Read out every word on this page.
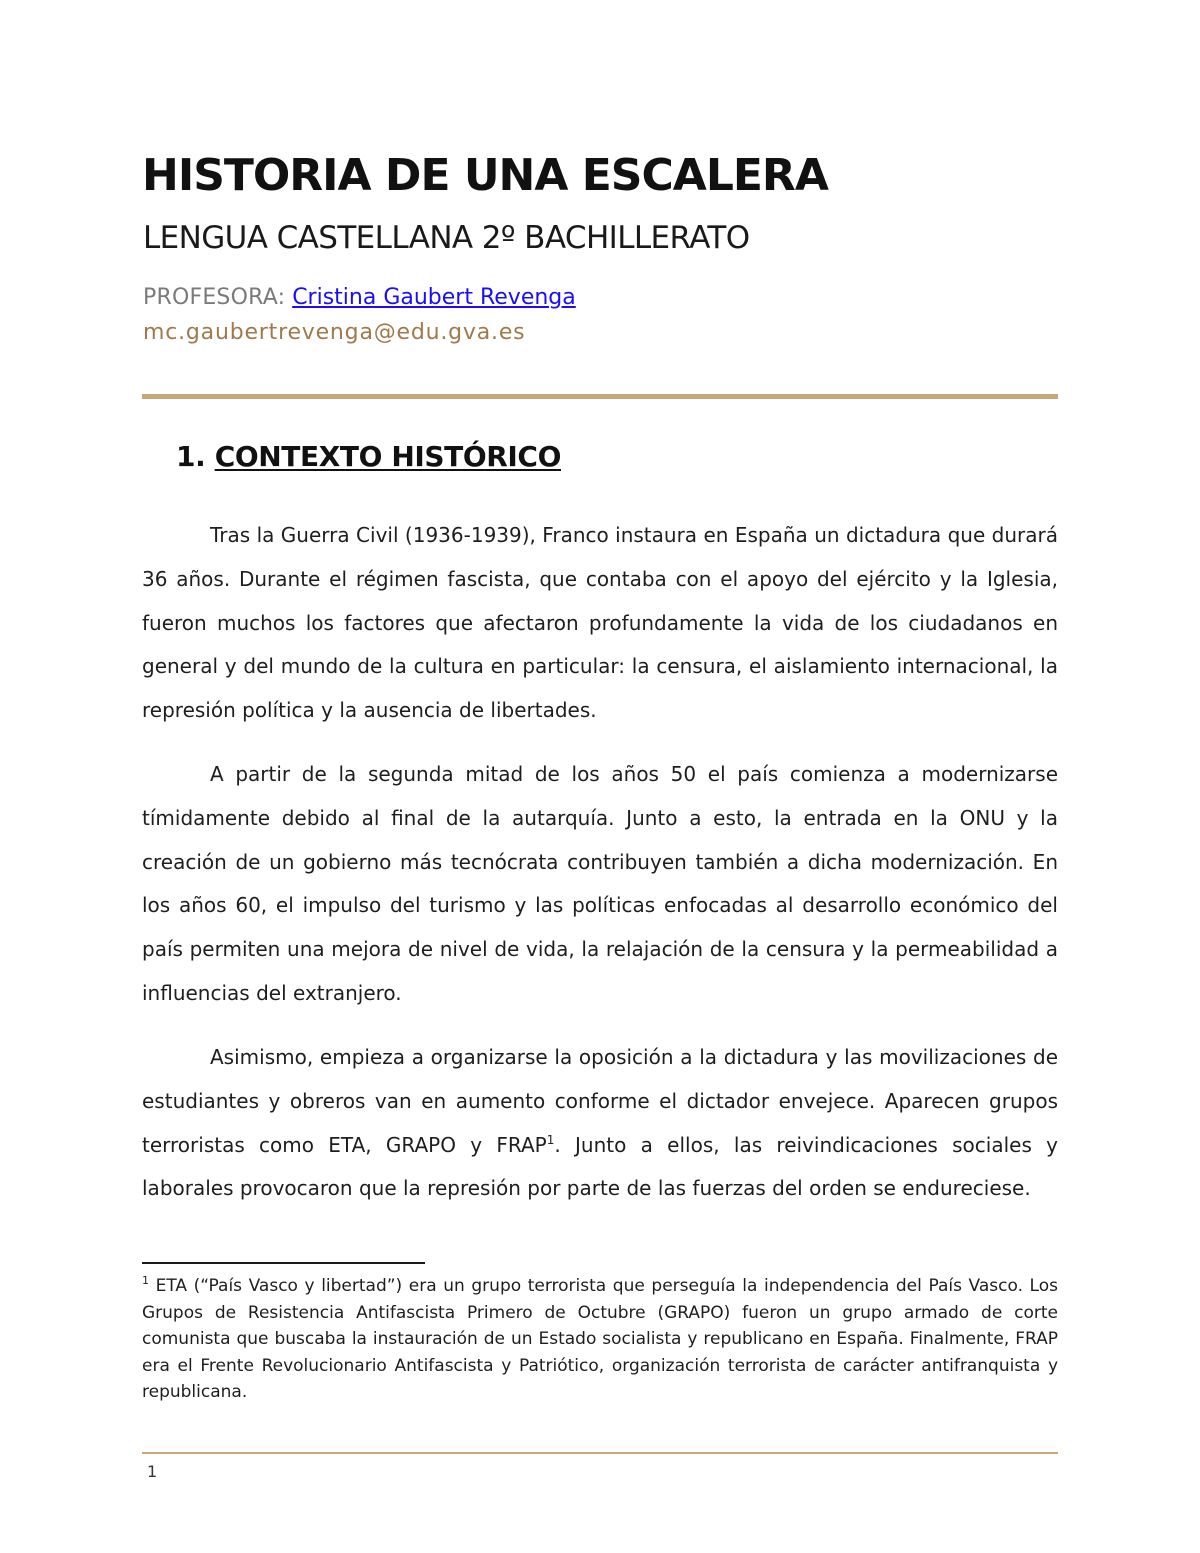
HISTORIA DE UNA ESCALERA
LENGUA CASTELLANA 2º BACHILLERATO
PROFESORA: Cristina Gaubert Revenga
mc.gaubertrevenga@edu.gva.es
1. CONTEXTO HISTÓRICO
Tras la Guerra Civil (1936-1939), Franco instaura en España un dictadura que durará 36 años. Durante el régimen fascista, que contaba con el apoyo del ejército y la Iglesia, fueron muchos los factores que afectaron profundamente la vida de los ciudadanos en general y del mundo de la cultura en particular: la censura, el aislamiento internacional, la represión política y la ausencia de libertades.
A partir de la segunda mitad de los años 50 el país comienza a modernizarse tímidamente debido al final de la autarquía. Junto a esto, la entrada en la ONU y la creación de un gobierno más tecnócrata contribuyen también a dicha modernización. En los años 60, el impulso del turismo y las políticas enfocadas al desarrollo económico del país permiten una mejora de nivel de vida, la relajación de la censura y la permeabilidad a influencias del extranjero.
Asimismo, empieza a organizarse la oposición a la dictadura y las movilizaciones de estudiantes y obreros van en aumento conforme el dictador envejece. Aparecen grupos terroristas como ETA, GRAPO y FRAP$^1$. Junto a ellos, las reivindicaciones sociales y laborales provocaron que la represión por parte de las fuerzas del orden se endureciese.
$^1$ ETA (“País Vasco y libertad”) era un grupo terrorista que perseguía la independencia del País Vasco. Los Grupos de Resistencia Antifascista Primero de Octubre (GRAPO) fueron un grupo armado de corte comunista que buscaba la instauración de un Estado socialista y republicano en España. Finalmente, FRAP era el Frente Revolucionario Antifascista y Patriótico, organización terrorista de carácter antifranquista y republicana.
1
